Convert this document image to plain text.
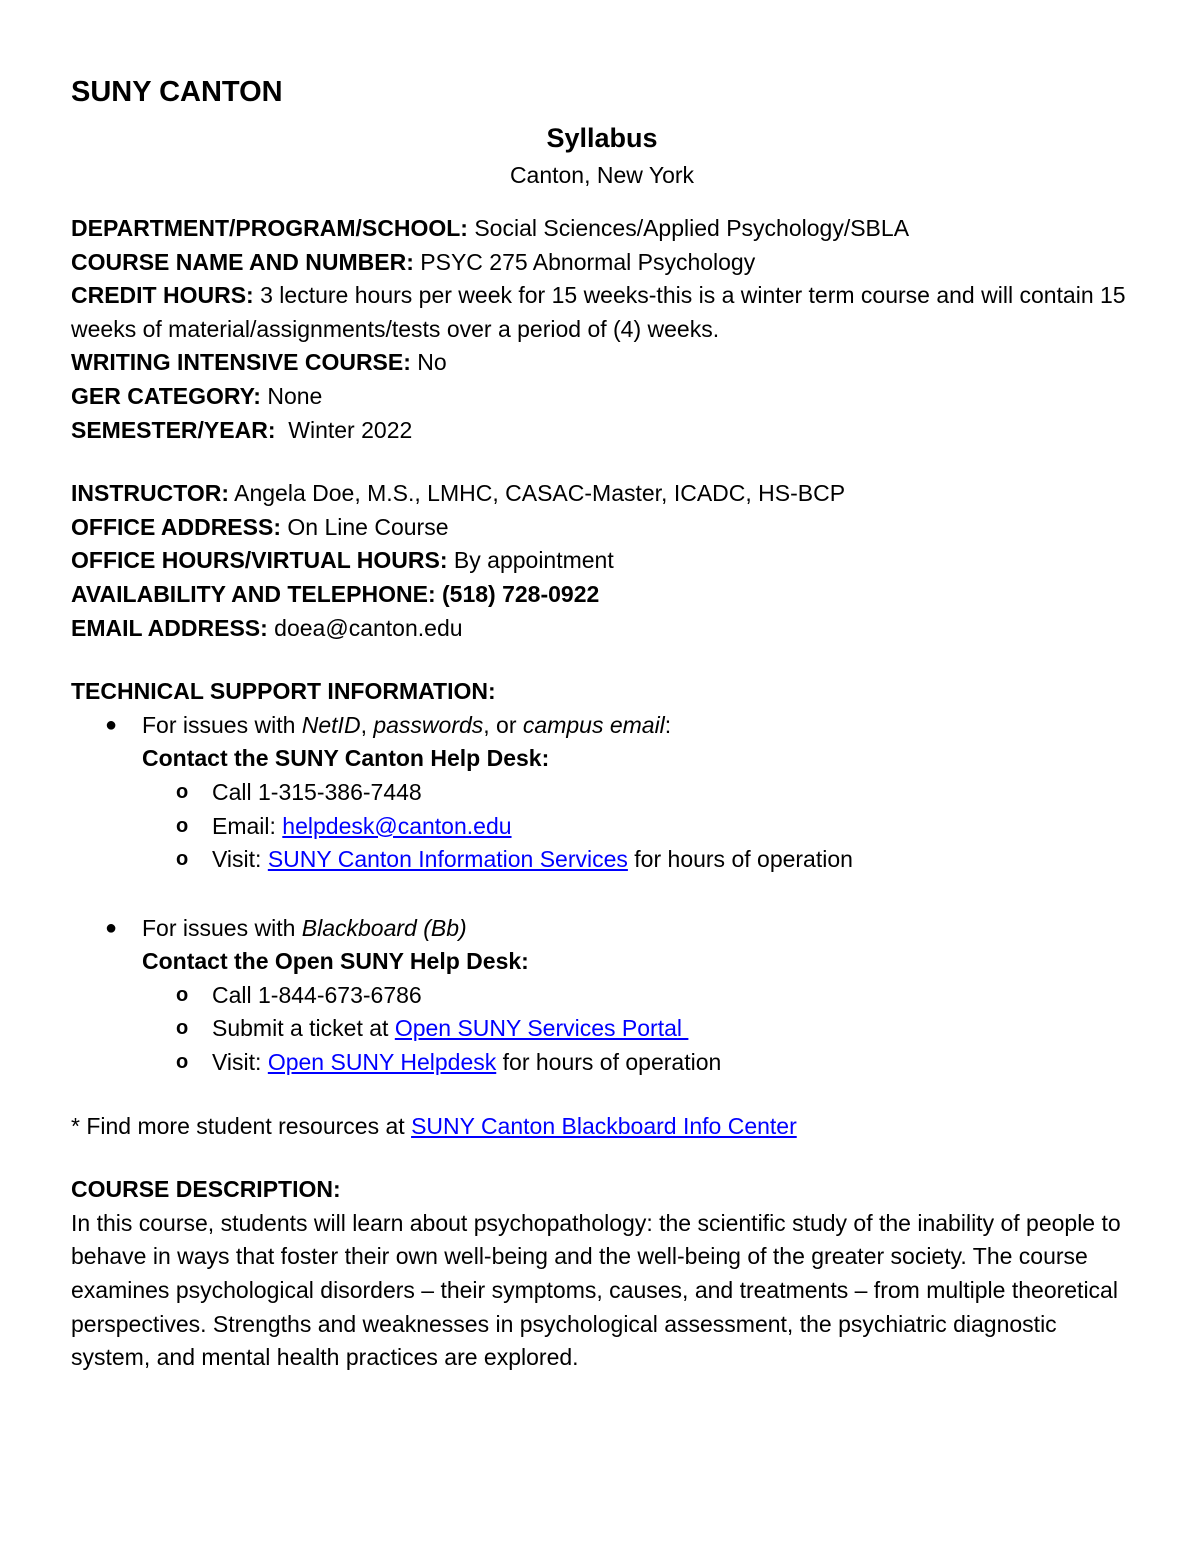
SUNY CANTON
Syllabus
Canton, New York

DEPARTMENT/PROGRAM/SCHOOL: Social Sciences/Applied Psychology/SBLA

COURSE NAME AND NUMBER: PSYC 275 Abnormal Psychology

CREDIT HOURS: 3 lecture hours per week for 15 weeks-this is a winter term course and will contain 15 weeks of material/assignments/tests over a period of (4) weeks.

WRITING INTENSIVE COURSE: No

GER CATEGORY: None

SEMESTER/YEAR:  Winter 2022

INSTRUCTOR: Angela Doe, M.S., LMHC, CASAC-Master, ICADC, HS-BCP

OFFICE ADDRESS: On Line Course

OFFICE HOURS/VIRTUAL HOURS: By appointment

AVAILABILITY AND TELEPHONE: (518) 728-0922

EMAIL ADDRESS: doea@canton.edu

TECHNICAL SUPPORT INFORMATION:

● For issues with NetID, passwords, or campus email:

Contact the SUNY Canton Help Desk:

o Call 1-315-386-7448
o Email: helpdesk@canton.edu
o Visit: SUNY Canton Information Services for hours of operation
● For issues with Blackboard (Bb)

Contact the Open SUNY Help Desk:

o Call 1-844-673-6786
o Submit a ticket at Open SUNY Services Portal
o Visit: Open SUNY Helpdesk for hours of operation

* Find more student resources at SUNY Canton Blackboard Info Center

COURSE DESCRIPTION:

In this course, students will learn about psychopathology: the scientific study of the inability of people to behave in ways that foster their own well-being and the well-being of the greater society. The course examines psychological disorders – their symptoms, causes, and treatments – from multiple theoretical perspectives. Strengths and weaknesses in psychological assessment, the psychiatric diagnostic system, and mental health practices are explored.
